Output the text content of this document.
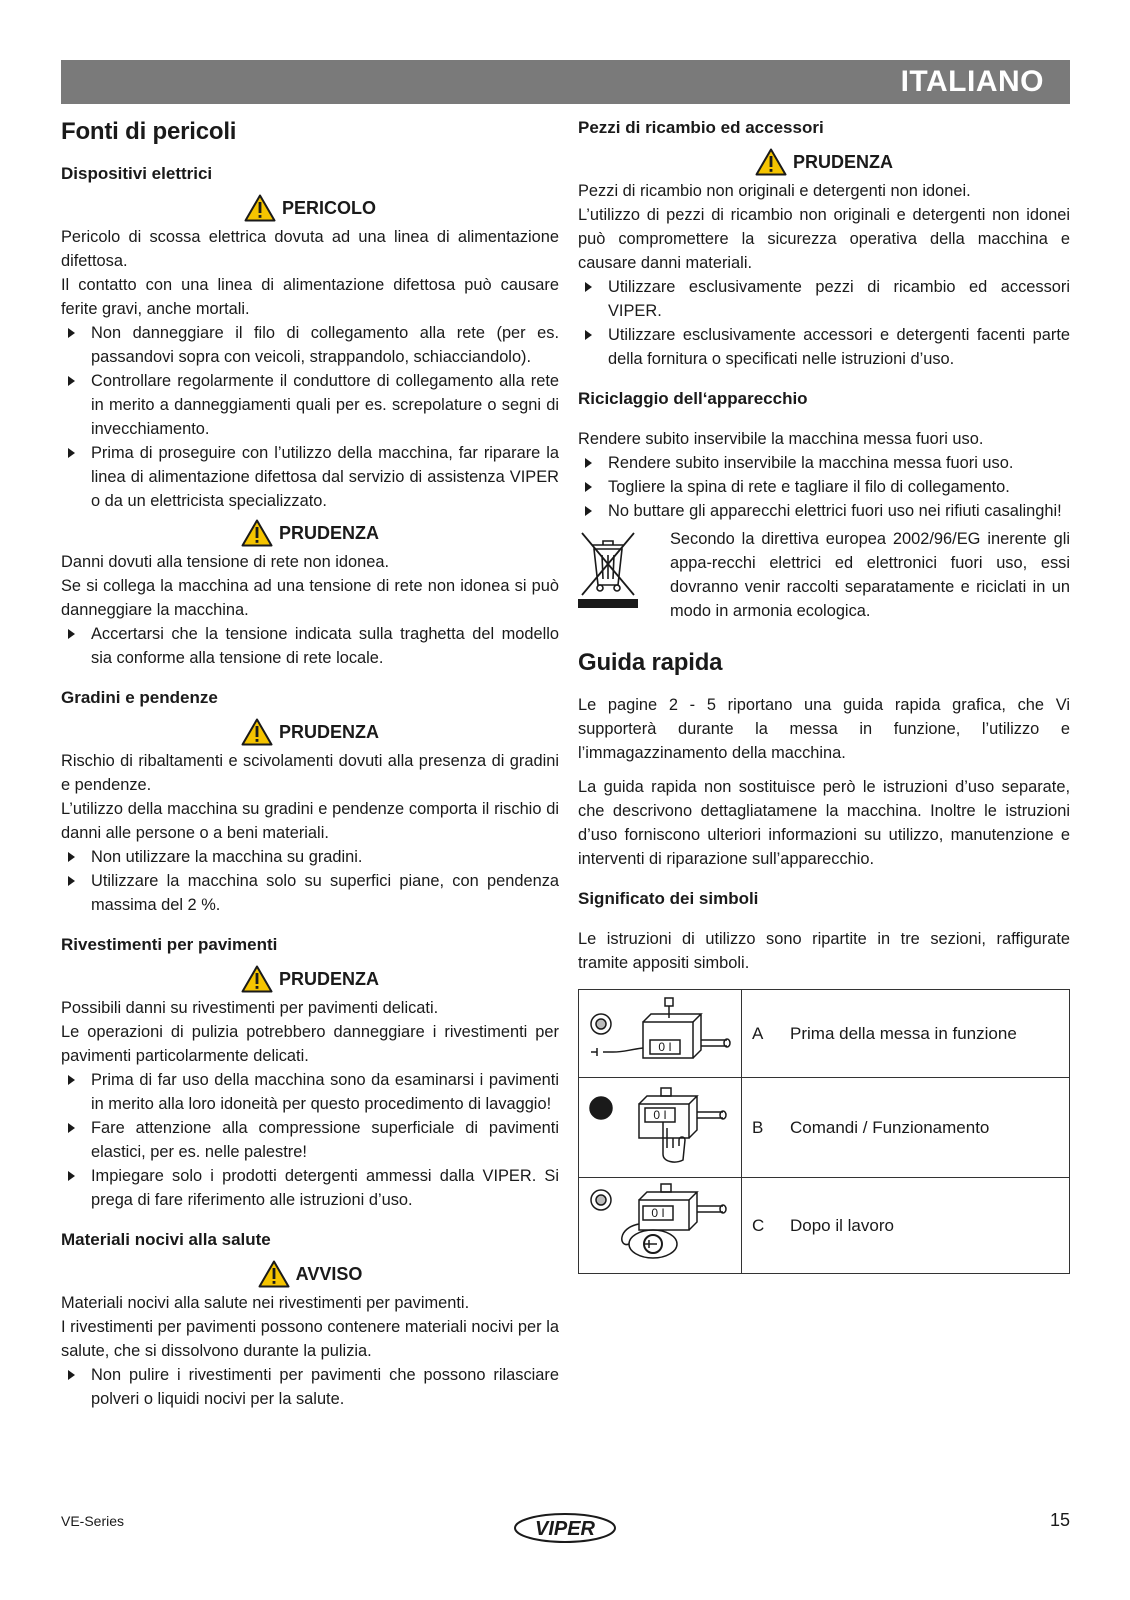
ITALIANO
Fonti di pericoli
Dispositivi elettrici
PERICOLO

Pericolo di scossa elettrica dovuta ad una linea di alimentazione difettosa.

Il contatto con una linea di alimentazione difettosa può causare ferite gravi, anche mortali.

Non danneggiare il filo di collegamento alla rete (per es. passandovi sopra con veicoli, strappandolo, schiacciandolo).
Controllare regolarmente il conduttore di collegamento alla rete in merito a danneggiamenti quali per es. screpolature o segni di invecchiamento.
Prima di proseguire con l’utilizzo della macchina, far riparare la linea di alimentazione difettosa dal servizio di assistenza VIPER o da un elettricista specializzato.
PRUDENZA

Danni dovuti alla tensione di rete non idonea.

Se si collega la macchina ad una tensione di rete non idonea si può danneggiare la macchina.

Accertarsi che la tensione indicata sulla traghetta del modello sia conforme alla tensione di rete locale.
Gradini e pendenze
PRUDENZA

Rischio di ribaltamenti e scivolamenti dovuti alla presenza di gradini e pendenze.

L’utilizzo della macchina su gradini e pendenze comporta il rischio di danni alle persone o a beni materiali.

Non utilizzare la macchina su gradini.
Utilizzare la macchina solo su superfici piane, con pendenza massima del 2 %.
Rivestimenti per pavimenti
PRUDENZA

Possibili danni su rivestimenti per pavimenti delicati.

Le operazioni di pulizia potrebbero danneggiare i rivestimenti per pavimenti particolarmente delicati.

Prima di far uso della macchina sono da esaminarsi i pavimenti in merito alla loro idoneità per questo procedimento di lavaggio!
Fare attenzione alla compressione superficiale di pavimenti elastici, per es. nelle palestre!
Impiegare solo i prodotti detergenti ammessi dalla VIPER. Si prega di fare riferimento alle istruzioni d’uso.
Materiali nocivi alla salute
AVVISO

Materiali nocivi alla salute nei rivestimenti per pavimenti.

I rivestimenti per pavimenti possono contenere materiali nocivi per la salute, che si dissolvono durante la pulizia.

Non pulire i rivestimenti per pavimenti che possono rilasciare polveri o liquidi nocivi per la salute.
Pezzi di ricambio ed accessori
PRUDENZA

Pezzi di ricambio non originali e detergenti non idonei.

L’utilizzo di pezzi di ricambio non originali e detergenti non idonei può compromettere la sicurezza operativa della macchina e causare danni materiali.

Utilizzare esclusivamente pezzi di ricambio ed accessori VIPER.
Utilizzare esclusivamente accessori e detergenti facenti parte della fornitura o specificati nelle istruzioni d’uso.
Riciclaggio dell‘apparecchio

Rendere subito inservibile la macchina messa fuori uso.

Rendere subito inservibile la macchina messa fuori uso.
Togliere la spina di rete e tagliare il filo di collegamento.
No buttare gli apparecchi elettrici fuori uso nei rifiuti casalinghi!
Secondo la direttiva europea 2002/96/EG inerente gli appa-recchi elettrici ed elettronici fuori uso, essi dovranno venir raccolti separatamente e riciclati in un modo in armonia ecologica.
Guida rapida

Le pagine 2 - 5 riportano una guida rapida grafica, che Vi supporterà durante la messa in funzione, l’utilizzo e l’immagazzinamento della macchina.

La guida rapida non sostituisce però le istruzioni d’uso separate, che descrivono dettagliatamene la macchina. Inoltre le istruzioni d’uso forniscono ulteriori informazioni su utilizzo, manutenzione e interventi di riparazione sull’apparecchio.

Significato dei simboli

Le istruzioni di utilizzo sono ripartite in tre sezioni, raffigurate tramite appositi simboli.

0 I	A Prima della messa in funzione

0 I	B Comandi / Funzionamento

0 I	C Dopo il lavoro
VE-Series	VIPER	15
